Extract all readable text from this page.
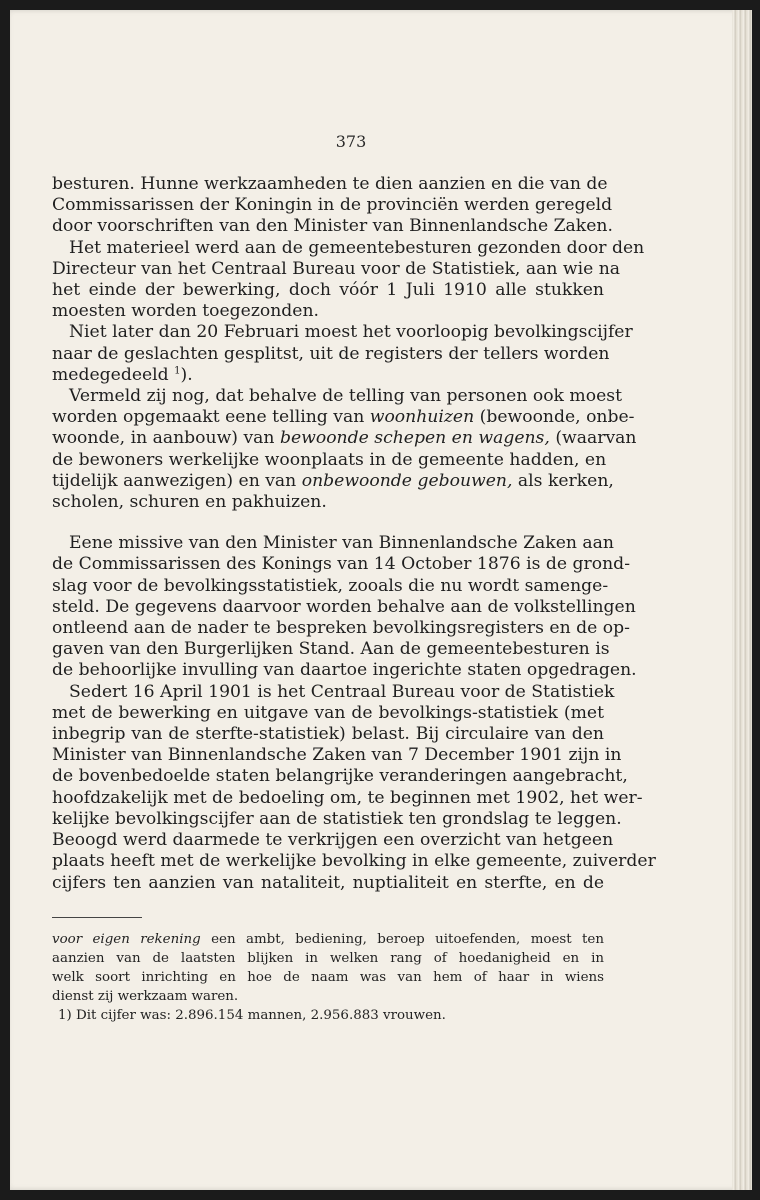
373
besturen. Hunne werkzaamheden te dien aanzien en die van de
Commissarissen der Koningin in de provinciën werden geregeld
door voorschriften van den Minister van Binnenlandsche Zaken.
Het materieel werd aan de gemeentebesturen gezonden door den
Directeur van het Centraal Bureau voor de Statistiek, aan wie na
het einde der bewerking, doch vóór 1 Juli 1910 alle stukken
moesten worden toegezonden.
Niet later dan 20 Februari moest het voorloopig bevolkingscijfer
naar de geslachten gesplitst, uit de registers der tellers worden
medegedeeld $^1$).
Vermeld zij nog, dat behalve de telling van personen ook moest
worden opgemaakt eene telling van woonhuizen (bewoonde, onbe-
woonde, in aanbouw) van bewoonde schepen en wagens, (waarvan
de bewoners werkelijke woonplaats in de gemeente hadden, en
tijdelijk aanwezigen) en van onbewoonde gebouwen, als kerken,
scholen, schuren en pakhuizen.
Eene missive van den Minister van Binnenlandsche Zaken aan
de Commissarissen des Konings van 14 October 1876 is de grond-
slag voor de bevolkingsstatistiek, zooals die nu wordt samenge-
steld. De gegevens daarvoor worden behalve aan de volkstellingen
ontleend aan de nader te bespreken bevolkingsregisters en de op-
gaven van den Burgerlijken Stand. Aan de gemeentebesturen is
de behoorlijke invulling van daartoe ingerichte staten opgedragen.
Sedert 16 April 1901 is het Centraal Bureau voor de Statistiek
met de bewerking en uitgave van de bevolkings-statistiek (met
inbegrip van de sterfte-statistiek) belast. Bij circulaire van den
Minister van Binnenlandsche Zaken van 7 December 1901 zijn in
de bovenbedoelde staten belangrijke veranderingen aangebracht,
hoofdzakelijk met de bedoeling om, te beginnen met 1902, het wer-
kelijke bevolkingscijfer aan de statistiek ten grondslag te leggen.
Beoogd werd daarmede te verkrijgen een overzicht van hetgeen
plaats heeft met de werkelijke bevolking in elke gemeente, zuiverder
cijfers ten aanzien van nataliteit, nuptialiteit en sterfte, en de
voor eigen rekening een ambt, bediening, beroep uitoefenden, moest ten
aanzien van de laatsten blijken in welken rang of hoedanigheid en in
welk soort inrichting en hoe de naam was van hem of haar in wiens
dienst zij werkzaam waren.
1) Dit cijfer was: 2.896.154 mannen, 2.956.883 vrouwen.
